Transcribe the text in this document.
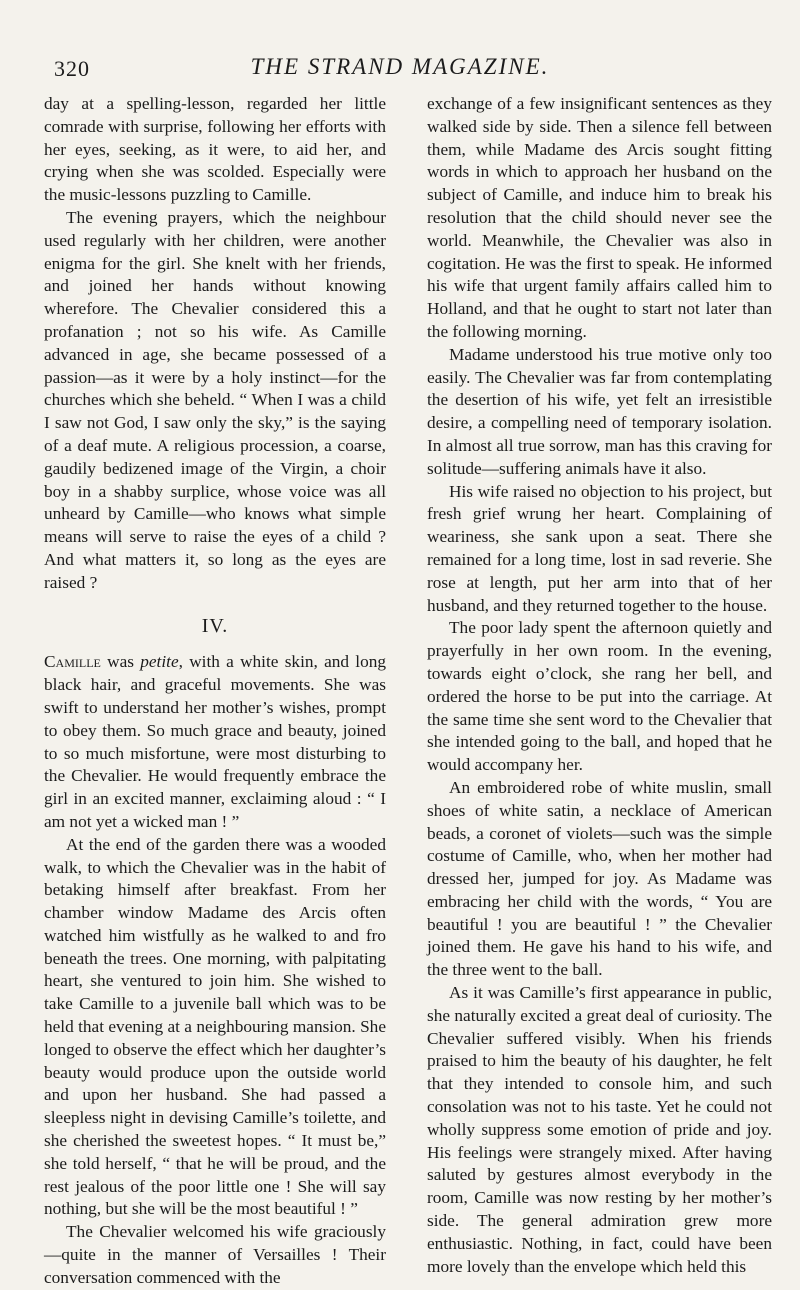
320	THE STRAND MAGAZINE.

day at a spelling-lesson, regarded her little comrade with surprise, following her efforts with her eyes, seeking, as it were, to aid her, and crying when she was scolded. Especially were the music-lessons puzzling to Camille.

The evening prayers, which the neighbour used regularly with her children, were another enigma for the girl. She knelt with her friends, and joined her hands without knowing wherefore. The Chevalier considered this a profanation ; not so his wife. As Camille advanced in age, she became possessed of a passion—as it were by a holy instinct—for the churches which she beheld. “ When I was a child I saw not God, I saw only the sky,” is the saying of a deaf mute. A religious procession, a coarse, gaudily bedizened image of the Virgin, a choir boy in a shabby surplice, whose voice was all unheard by Camille—who knows what simple means will serve to raise the eyes of a child ? And what matters it, so long as the eyes are raised ?

IV.

Camille was petite, with a white skin, and long black hair, and graceful movements. She was swift to understand her mother’s wishes, prompt to obey them. So much grace and beauty, joined to so much misfortune, were most disturbing to the Chevalier. He would frequently embrace the girl in an excited manner, exclaiming aloud : “ I am not yet a wicked man ! ”

At the end of the garden there was a wooded walk, to which the Chevalier was in the habit of betaking himself after breakfast. From her chamber window Madame des Arcis often watched him wistfully as he walked to and fro beneath the trees. One morning, with palpitating heart, she ventured to join him. She wished to take Camille to a juvenile ball which was to be held that evening at a neighbouring mansion. She longed to observe the effect which her daughter’s beauty would produce upon the outside world and upon her husband. She had passed a sleepless night in devising Camille’s toilette, and she cherished the sweetest hopes. “ It must be,” she told herself, “ that he will be proud, and the rest jealous of the poor little one ! She will say nothing, but she will be the most beautiful ! ”

The Chevalier welcomed his wife graciously—quite in the manner of Versailles ! Their conversation commenced with the

exchange of a few insignificant sentences as they walked side by side. Then a silence fell between them, while Madame des Arcis sought fitting words in which to approach her husband on the subject of Camille, and induce him to break his resolution that the child should never see the world. Meanwhile, the Chevalier was also in cogitation. He was the first to speak. He informed his wife that urgent family affairs called him to Holland, and that he ought to start not later than the following morning.

Madame understood his true motive only too easily. The Chevalier was far from contemplating the desertion of his wife, yet felt an irresistible desire, a compelling need of temporary isolation. In almost all true sorrow, man has this craving for solitude—suffering animals have it also.

His wife raised no objection to his project, but fresh grief wrung her heart. Complaining of weariness, she sank upon a seat. There she remained for a long time, lost in sad reverie. She rose at length, put her arm into that of her husband, and they returned together to the house.

The poor lady spent the afternoon quietly and prayerfully in her own room. In the evening, towards eight o’clock, she rang her bell, and ordered the horse to be put into the carriage. At the same time she sent word to the Chevalier that she intended going to the ball, and hoped that he would accompany her.

An embroidered robe of white muslin, small shoes of white satin, a necklace of American beads, a coronet of violets—such was the simple costume of Camille, who, when her mother had dressed her, jumped for joy. As Madame was embracing her child with the words, “ You are beautiful ! you are beautiful ! ” the Chevalier joined them. He gave his hand to his wife, and the three went to the ball.

As it was Camille’s first appearance in public, she naturally excited a great deal of curiosity. The Chevalier suffered visibly. When his friends praised to him the beauty of his daughter, he felt that they intended to console him, and such consolation was not to his taste. Yet he could not wholly suppress some emotion of pride and joy. His feelings were strangely mixed. After having saluted by gestures almost everybody in the room, Camille was now resting by her mother’s side. The general admiration grew more enthusiastic. Nothing, in fact, could have been more lovely than the envelope which held this
